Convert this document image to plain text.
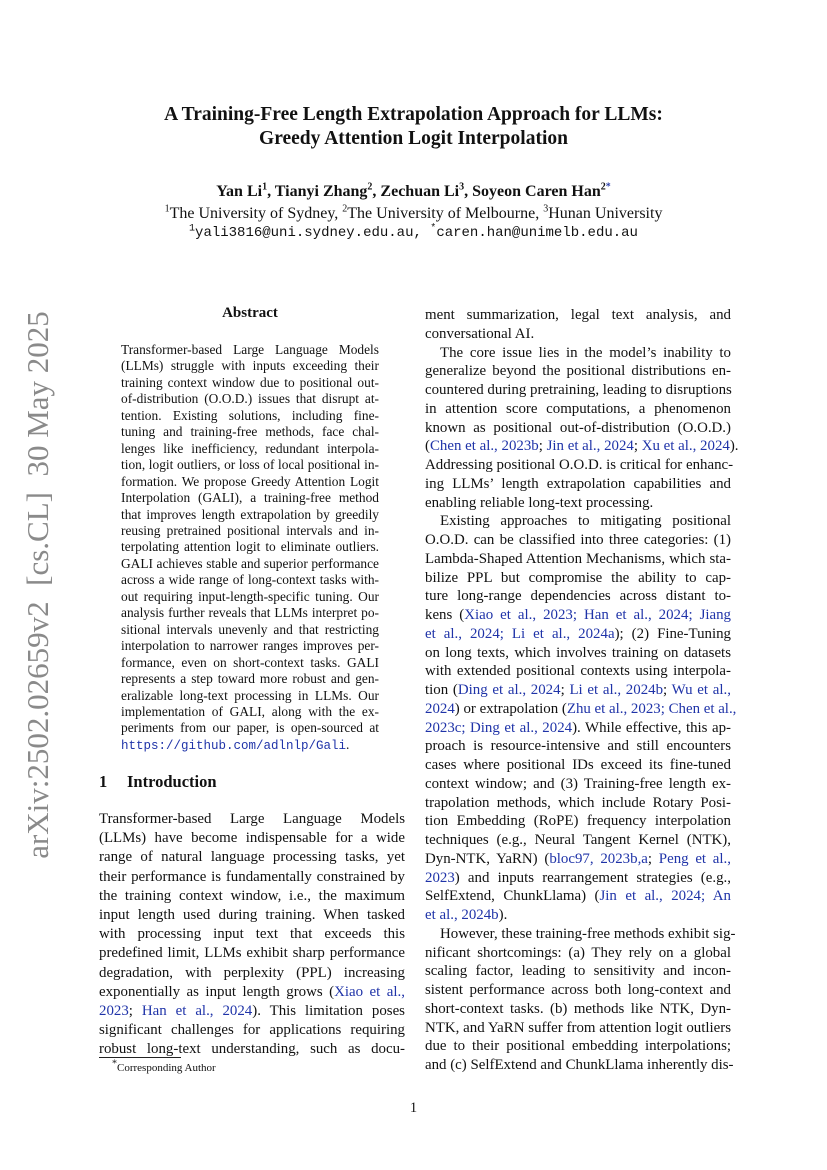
arXiv:2502.02659v2  [cs.CL]  30 May 2025
A Training-Free Length Extrapolation Approach for LLMs:
Greedy Attention Logit Interpolation
Yan Li$^1$, Tianyi Zhang$^2$, Zechuan Li$^3$, Soyeon Caren Han$^{2*}$
$^1$The University of Sydney, $^2$The University of Melbourne, $^3$Hunan University
$^1$yali3816@uni.sydney.edu.au, *caren.han@unimelb.edu.au
Abstract
Transformer-based Large Language Models
(LLMs) struggle with inputs exceeding their
training context window due to positional out-
of-distribution (O.O.D.) issues that disrupt at-
tention. Existing solutions, including fine-
tuning and training-free methods, face chal-
lenges like inefficiency, redundant interpola-
tion, logit outliers, or loss of local positional in-
formation. We propose Greedy Attention Logit
Interpolation (GALI), a training-free method
that improves length extrapolation by greedily
reusing pretrained positional intervals and in-
terpolating attention logit to eliminate outliers.
GALI achieves stable and superior performance
across a wide range of long-context tasks with-
out requiring input-length-specific tuning. Our
analysis further reveals that LLMs interpret po-
sitional intervals unevenly and that restricting
interpolation to narrower ranges improves per-
formance, even on short-context tasks. GALI
represents a step toward more robust and gen-
eralizable long-text processing in LLMs. Our
implementation of GALI, along with the ex-
periments from our paper, is open-sourced at
https://github.com/adlnlp/Gali.
1 Introduction
Transformer-based Large Language Models
(LLMs) have become indispensable for a wide
range of natural language processing tasks, yet
their performance is fundamentally constrained by
the training context window, i.e., the maximum
input length used during training. When tasked
with processing input text that exceeds this
predefined limit, LLMs exhibit sharp performance
degradation, with perplexity (PPL) increasing
exponentially as input length grows (Xiao et al.,
2023; Han et al., 2024). This limitation poses
significant challenges for applications requiring
robust long-text understanding, such as docu-
ment summarization, legal text analysis, and
conversational AI.
The core issue lies in the model’s inability to
generalize beyond the positional distributions en-
countered during pretraining, leading to disruptions
in attention score computations, a phenomenon
known as positional out-of-distribution (O.O.D.)
(Chen et al., 2023b; Jin et al., 2024; Xu et al., 2024).
Addressing positional O.O.D. is critical for enhanc-
ing LLMs’ length extrapolation capabilities and
enabling reliable long-text processing.
Existing approaches to mitigating positional
O.O.D. can be classified into three categories: (1)
Lambda-Shaped Attention Mechanisms, which sta-
bilize PPL but compromise the ability to cap-
ture long-range dependencies across distant to-
kens (Xiao et al., 2023; Han et al., 2024; Jiang
et al., 2024; Li et al., 2024a); (2) Fine-Tuning
on long texts, which involves training on datasets
with extended positional contexts using interpola-
tion (Ding et al., 2024; Li et al., 2024b; Wu et al.,
2024) or extrapolation (Zhu et al., 2023; Chen et al.,
2023c; Ding et al., 2024). While effective, this ap-
proach is resource-intensive and still encounters
cases where positional IDs exceed its fine-tuned
context window; and (3) Training-free length ex-
trapolation methods, which include Rotary Posi-
tion Embedding (RoPE) frequency interpolation
techniques (e.g., Neural Tangent Kernel (NTK),
Dyn-NTK, YaRN) (bloc97, 2023b,a; Peng et al.,
2023) and inputs rearrangement strategies (e.g.,
SelfExtend, ChunkLlama) (Jin et al., 2024; An
et al., 2024b).
However, these training-free methods exhibit sig-
nificant shortcomings: (a) They rely on a global
scaling factor, leading to sensitivity and incon-
sistent performance across both long-context and
short-context tasks. (b) methods like NTK, Dyn-
NTK, and YaRN suffer from attention logit outliers
due to their positional embedding interpolations;
and (c) SelfExtend and ChunkLlama inherently dis-
*Corresponding Author
1
